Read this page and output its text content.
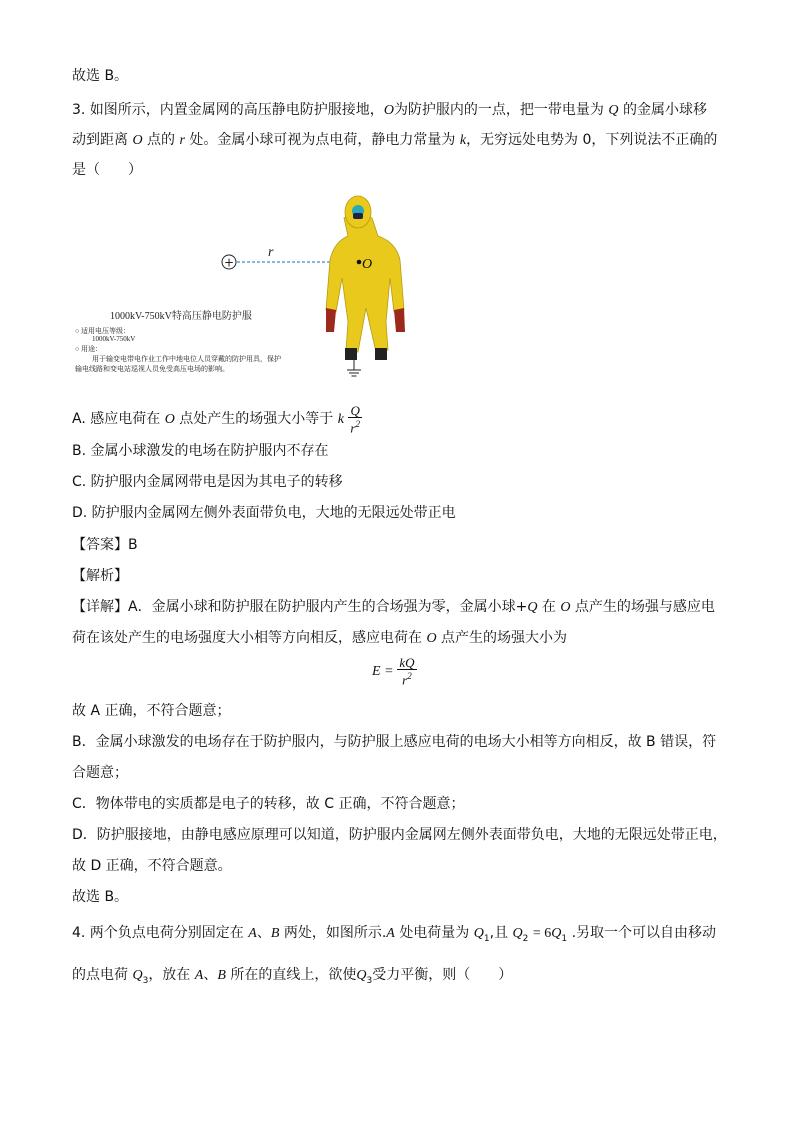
故选 B。
3. 如图所示，内置金属网的高压静电防护服接地，O为防护服内的一点，把一带电量为 Q 的金属小球移
动到距离 O 点的 r 处。金属小球可视为点电荷，静电力常量为 k，无穷远处电势为 0，下列说法不正确的
是（　　）
+
r
O
1000kV-750kV特高压静电防护服
○ 适用电压等级：
1000kV-750kV
○ 用途：
用于输变电带电作业工作中地电位人员穿戴的防护用具，保护
输电线路和变电站巡视人员免受高压电场的影响。
A. 感应电荷在 O 点处产生的场强大小等于 k $\frac{Q}{r^2}$
B. 金属小球激发的电场在防护服内不存在
C. 防护服内金属网带电是因为其电子的转移
D. 防护服内金属网左侧外表面带负电，大地的无限远处带正电
【答案】B
【解析】
【详解】A．金属小球和防护服在防护服内产生的合场强为零，金属小球+Q 在 O 点产生的场强与感应电
荷在该处产生的电场强度大小相等方向相反，感应电荷在 O 点产生的场强大小为
$E = \frac{kQ}{r^2}$
故 A 正确，不符合题意；
B．金属小球激发的电场存在于防护服内，与防护服上感应电荷的电场大小相等方向相反，故 B 错误，符
合题意；
C．物体带电的实质都是电子的转移，故 C 正确，不符合题意；
D．防护服接地，由静电感应原理可以知道，防护服内金属网左侧外表面带负电，大地的无限远处带正电，
故 D 正确，不符合题意。
故选 B。
4. 两个负点电荷分别固定在 A、B 两处，如图所示.A 处电荷量为 $Q_1$,且 $Q_2 = 6Q_1$ .另取一个可以自由移动
的点电荷 $Q_3$，放在 A、B 所在的直线上，欲使$Q_3$受力平衡，则（　　）
